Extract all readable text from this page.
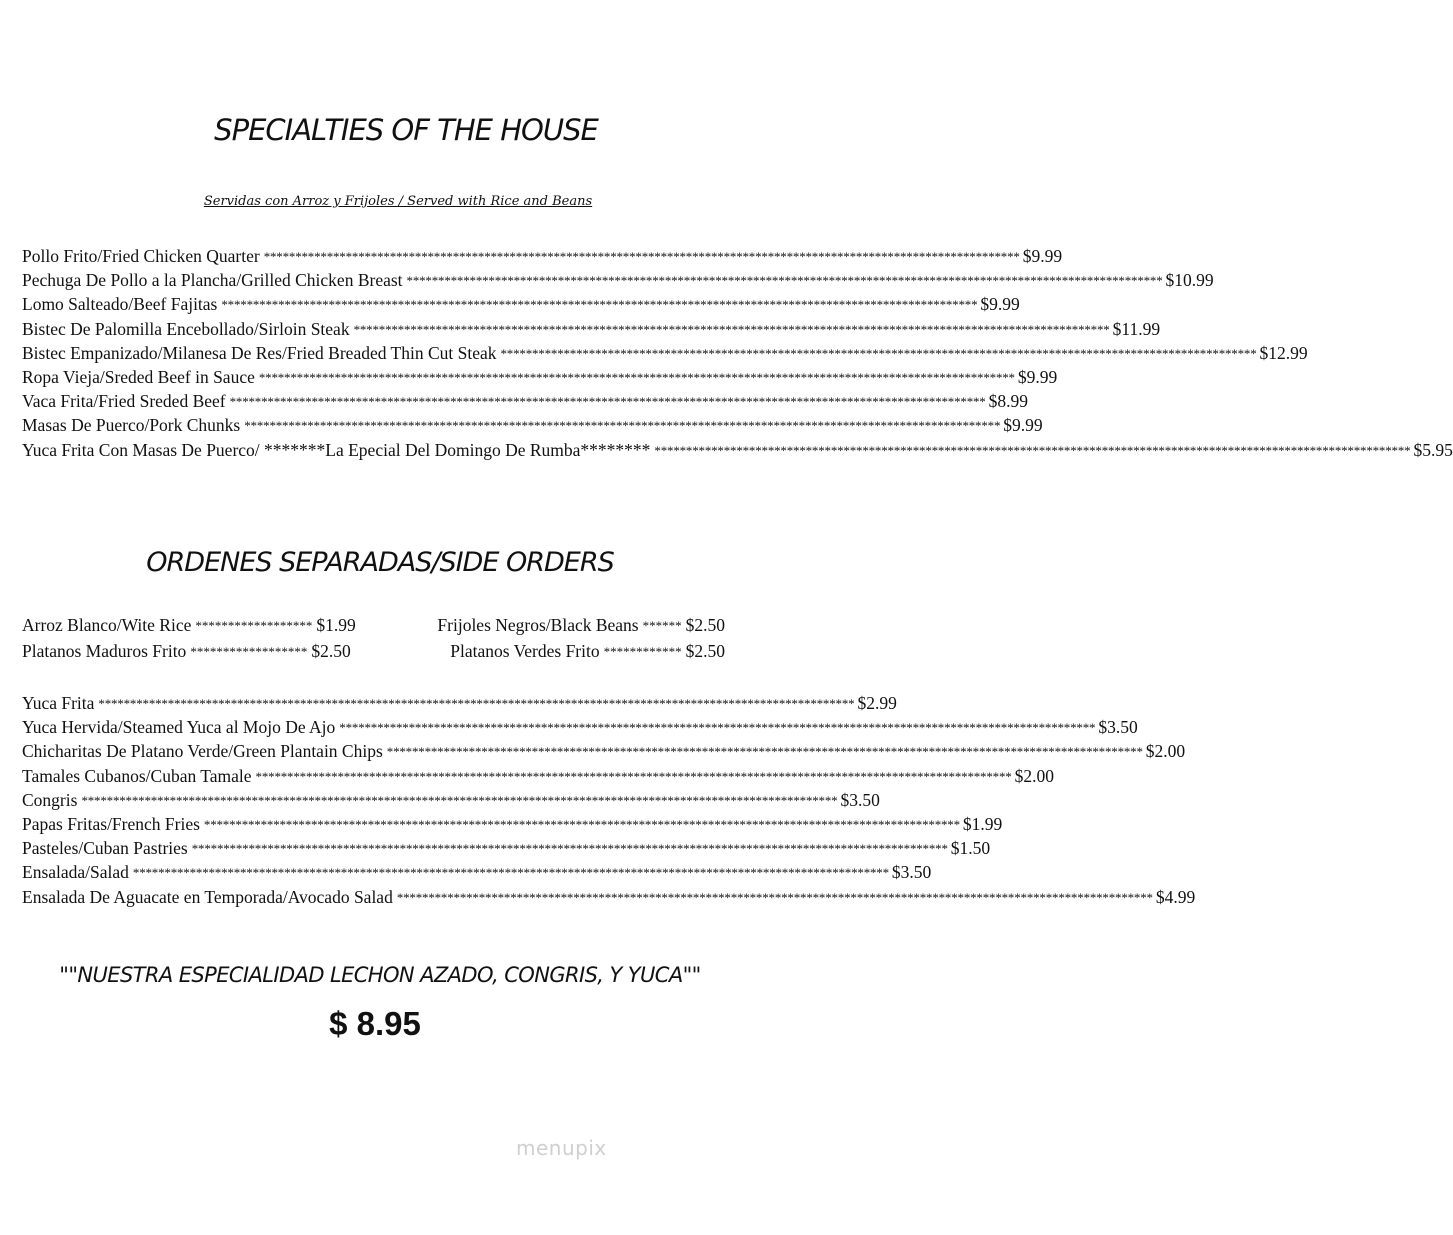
SPECIALTIES OF THE HOUSE
Servidas con Arroz y Frijoles / Served with Rice and Beans
Pollo Frito/Fried Chicken Quarter ************************************************************************************************************************ $9.99
Pechuga De Pollo a la Plancha/Grilled Chicken Breast ************************************************************************************************************************ $10.99
Lomo Salteado/Beef Fajitas ************************************************************************************************************************ $9.99
Bistec De Palomilla Encebollado/Sirloin Steak ************************************************************************************************************************ $11.99
Bistec Empanizado/Milanesa De Res/Fried Breaded Thin Cut Steak ************************************************************************************************************************ $12.99
Ropa Vieja/Sreded Beef in Sauce ************************************************************************************************************************ $9.99
Vaca Frita/Fried Sreded Beef ************************************************************************************************************************ $8.99
Masas De Puerco/Pork Chunks ************************************************************************************************************************ $9.99
Yuca Frita Con Masas De Puerco/ *******La Epecial Del Domingo De Rumba******** ************************************************************************************************************************ $5.95
ORDENES SEPARADAS/SIDE ORDERS
Arroz Blanco/Wite Rice ****************** $1.99	Frijoles Negros/Black Beans ****** $2.50
Platanos Maduros Frito ****************** $2.50	Platanos Verdes Frito ************ $2.50
Yuca Frita ************************************************************************************************************************ $2.99
Yuca Hervida/Steamed Yuca al Mojo De Ajo ************************************************************************************************************************ $3.50
Chicharitas De Platano Verde/Green Plantain Chips ************************************************************************************************************************ $2.00
Tamales Cubanos/Cuban Tamale ************************************************************************************************************************ $2.00
Congris ************************************************************************************************************************ $3.50
Papas Fritas/French Fries ************************************************************************************************************************ $1.99
Pasteles/Cuban Pastries ************************************************************************************************************************ $1.50
Ensalada/Salad ************************************************************************************************************************ $3.50
Ensalada De Aguacate en Temporada/Avocado Salad ************************************************************************************************************************ $4.99
""NUESTRA ESPECIALIDAD LECHON AZADO, CONGRIS, Y YUCA""
$ 8.95
menupix
